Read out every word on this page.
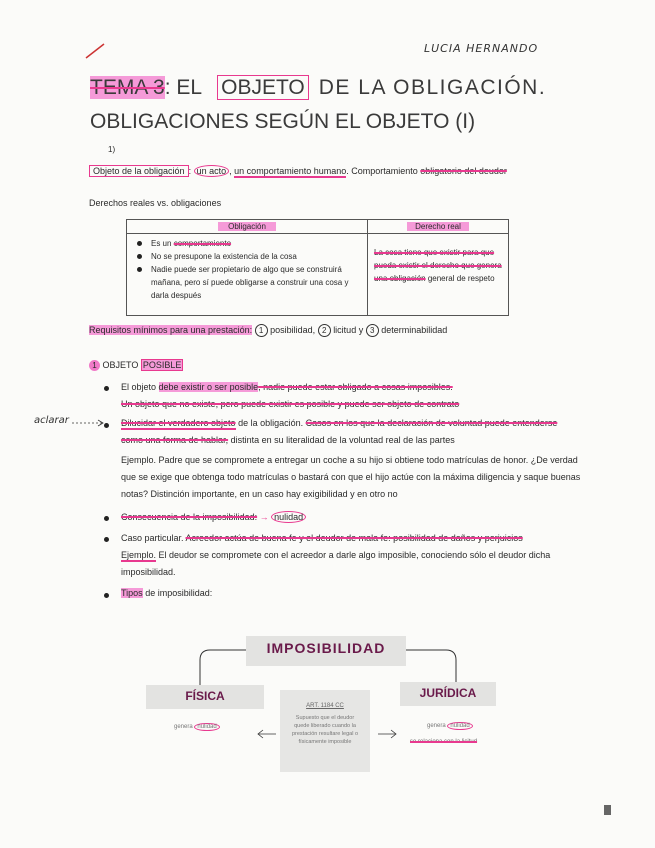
LUCIA HERNANDO
TEMA 3: EL OBJETO DE LA OBLIGACIÓN.
OBLIGACIONES SEGÚN EL OBJETO (I)
1)
Objeto de la obligación : un acto , un comportamiento humano. Comportamiento obligatorio del deudor
Derechos reales vs. obligaciones
Obligación	Derecho real

Es un comportamiento
No se presupone la existencia de la cosa
Nadie puede ser propietario de algo que se construirá mañana, pero sí puede obligarse a construir una cosa y darla después	La cosa tiene que existir para que pueda existir el derecho que genera una obligación general de respeto
Requisitos mínimos para una prestación: 1 posibilidad, 2 licitud y 3 determinabilidad
1 OBJETO POSIBLE
El objeto debe existir o ser posible, nadie puede estar obligado a cosas imposibles.
Un objeto que no existe, pero puede existir es posible y puede ser objeto de contrato
aclarar	Dilucidar el verdadero objeto de la obligación. Casos en los que la declaración de voluntad puede entenderse
como una forma de hablar, distinta en su literalidad de la voluntad real de las partes
Ejemplo. Padre que se compromete a entregar un coche a su hijo si obtiene todo matrículas de honor. ¿De verdad que se exige que obtenga todo matrículas o bastará con que el hijo actúe con la máxima diligencia y saque buenas notas? Distinción importante, en un caso hay exigibilidad y en otro no
Consecuencia de la imposibilidad: → nulidad
Caso particular. Acreedor actúa de buena fe y el deudor de mala fe: posibilidad de daños y perjuicios
Ejemplo. El deudor se compromete con el acreedor a darle algo imposible, conociendo sólo el deudor dicha imposibilidad.
Tipos de imposibilidad:
IMPOSIBILIDAD
FÍSICA	JURÍDICA
genera nulidad
ART. 1184 CC
Supuesto que el deudor quede liberado cuando la prestación resultare legal o físicamente imposible
genera nulidad
se relaciona con la licitud
